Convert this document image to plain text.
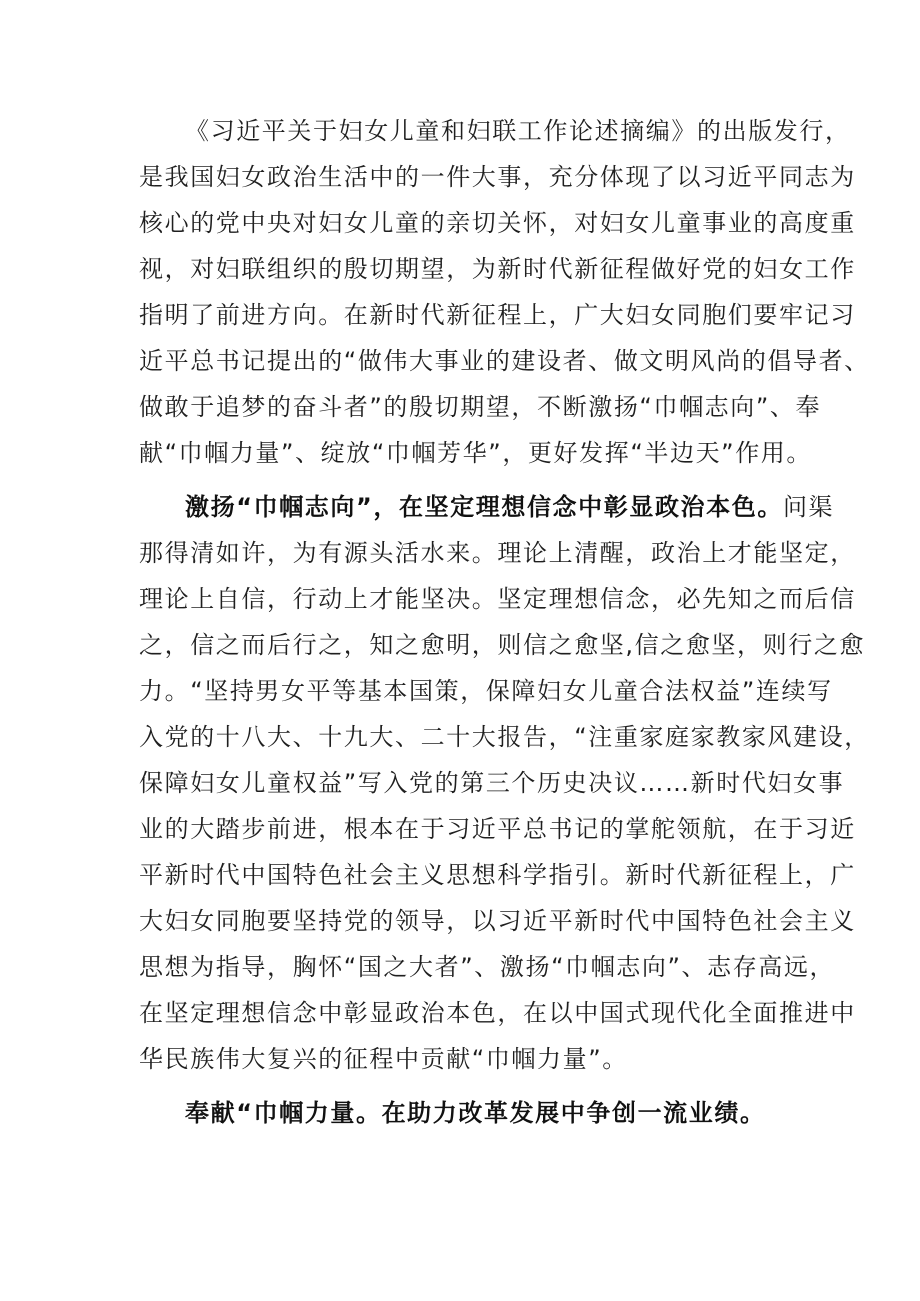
《习近平关于妇女儿童和妇联工作论述摘编》的出版发行，
是我国妇女政治生活中的一件大事，充分体现了以习近平同志为
核心的党中央对妇女儿童的亲切关怀，对妇女儿童事业的高度重
视，对妇联组织的殷切期望，为新时代新征程做好党的妇女工作
指明了前进方向。在新时代新征程上，广大妇女同胞们要牢记习
近平总书记提出的“做伟大事业的建设者、做文明风尚的倡导者、
做敢于追梦的奋斗者”的殷切期望，不断激扬“巾帼志向”、奉
献“巾帼力量”、绽放“巾帼芳华”，更好发挥“半边天”作用。
激扬“巾帼志向”，在坚定理想信念中彰显政治本色。问渠
那得清如许，为有源头活水来。理论上清醒，政治上才能坚定，
理论上自信，行动上才能坚决。坚定理想信念，必先知之而后信
之，信之而后行之，知之愈明，则信之愈坚,信之愈坚，则行之愈
力。“坚持男女平等基本国策，保障妇女儿童合法权益”连续写
入党的十八大、十九大、二十大报告，“注重家庭家教家风建设，
保障妇女儿童权益”写入党的第三个历史决议……新时代妇女事
业的大踏步前进，根本在于习近平总书记的掌舵领航，在于习近
平新时代中国特色社会主义思想科学指引。新时代新征程上，广
大妇女同胞要坚持党的领导，以习近平新时代中国特色社会主义
思想为指导，胸怀“国之大者”、激扬“巾帼志向”、志存高远，
在坚定理想信念中彰显政治本色，在以中国式现代化全面推进中
华民族伟大复兴的征程中贡献“巾帼力量”。
奉献“巾帼力量。在助力改革发展中争创一流业绩。
